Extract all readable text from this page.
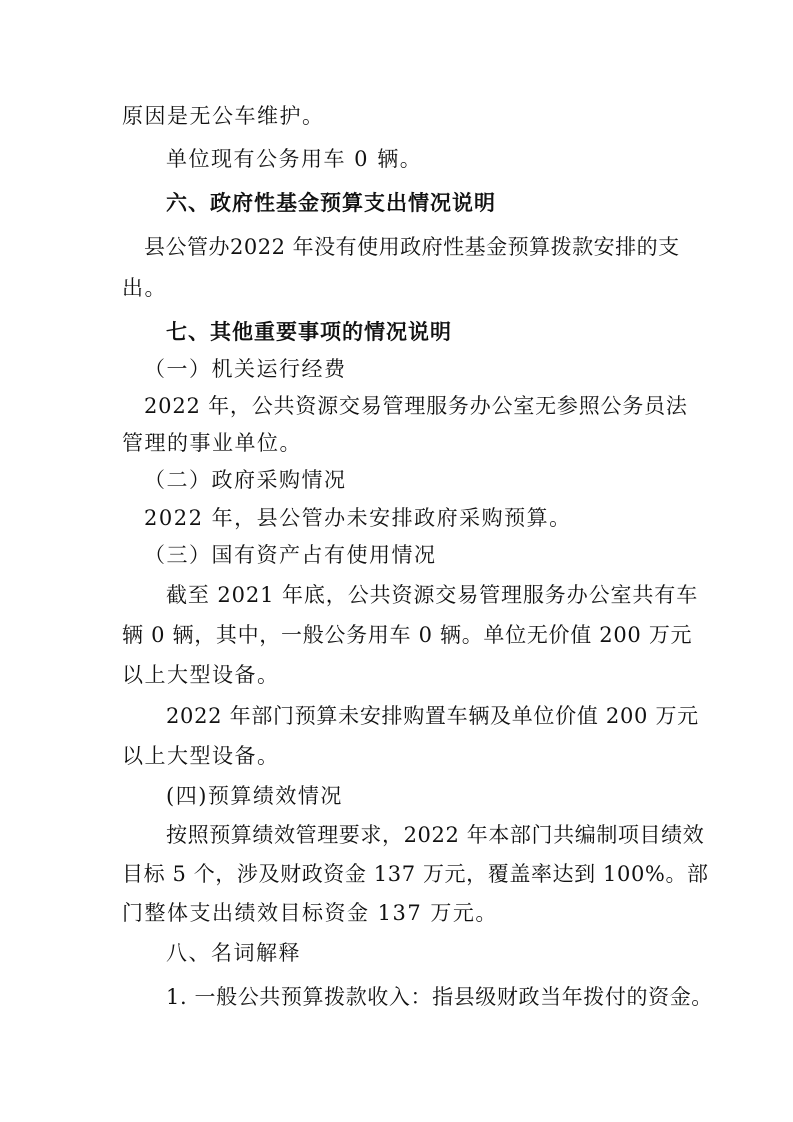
原因是无公车维护。
单位现有公务用车 0 辆。
六、政府性基金预算支出情况说明
县公管办2022 年没有使用政府性基金预算拨款安排的支
出。
七、其他重要事项的情况说明
（一）机关运行经费
2022 年，公共资源交易管理服务办公室无参照公务员法
管理的事业单位。
（二）政府采购情况
2022 年，县公管办未安排政府采购预算。
（三）国有资产占有使用情况
截至 2021 年底，公共资源交易管理服务办公室共有车
辆 0 辆，其中，一般公务用车 0 辆。单位无价值 200 万元
以上大型设备。
2022 年部门预算未安排购置车辆及单位价值 200 万元
以上大型设备。
(四)预算绩效情况
按照预算绩效管理要求，2022 年本部门共编制项目绩效
目标 5 个，涉及财政资金 137 万元，覆盖率达到 100%。部
门整体支出绩效目标资金 137 万元。
八、名词解释
1. 一般公共预算拨款收入：指县级财政当年拨付的资金。
